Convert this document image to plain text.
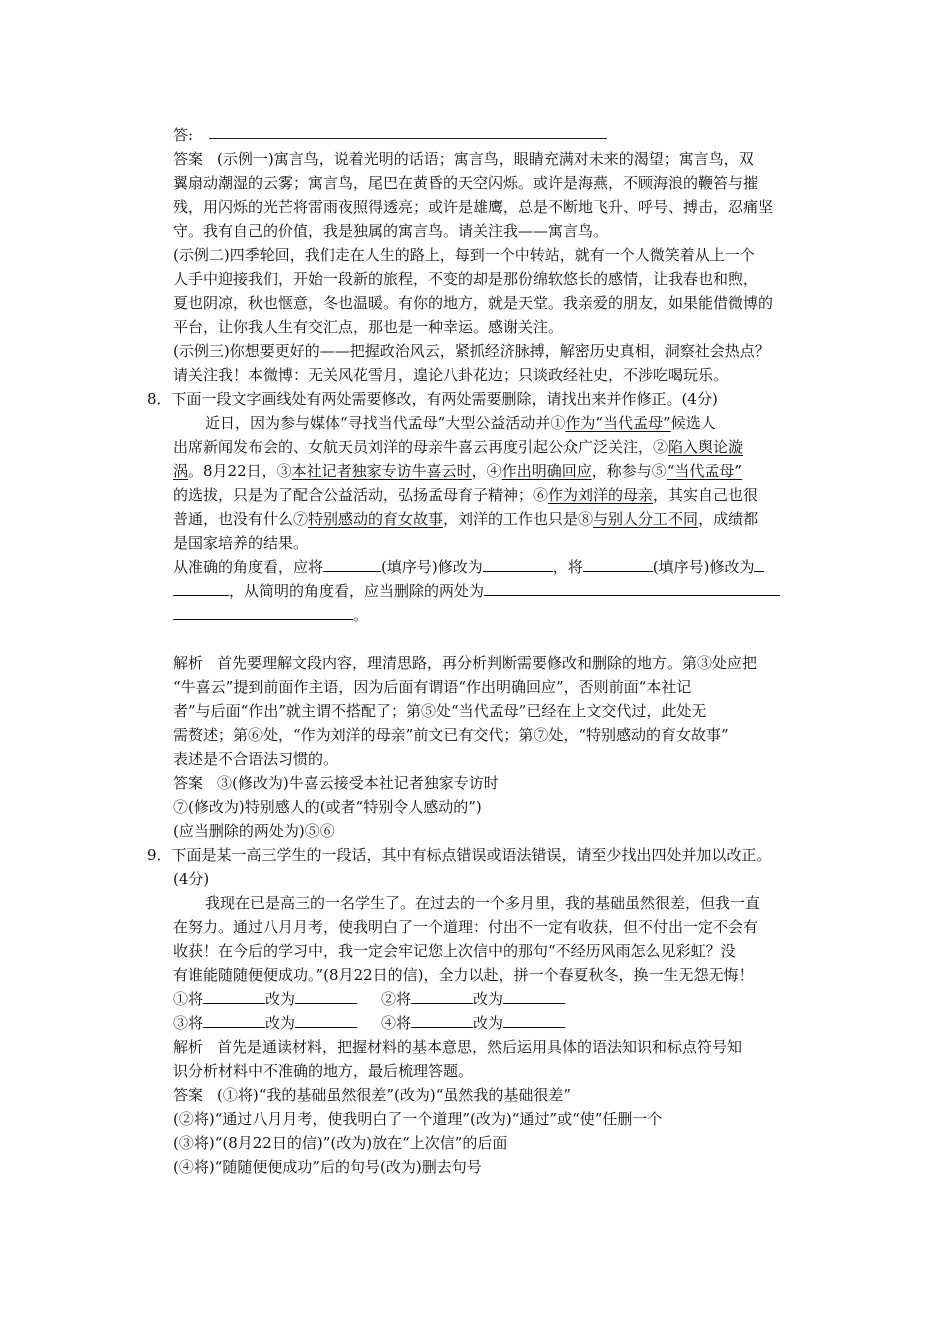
答:
答案 (示例一)寓言鸟，说着光明的话语；寓言鸟，眼睛充满对未来的渴望；寓言鸟，双
翼扇动潮湿的云雾；寓言鸟，尾巴在黄昏的天空闪烁。或许是海燕，不顾海浪的鞭笞与摧
残，用闪烁的光芒将雷雨夜照得透亮；或许是雄鹰，总是不断地飞升、呼号、搏击，忍痛坚
守。我有自己的价值，我是独属的寓言鸟。请关注我——寓言鸟。
(示例二)四季轮回，我们走在人生的路上，每到一个中转站，就有一个人微笑着从上一个
人手中迎接我们，开始一段新的旅程，不变的却是那份绵软悠长的感情，让我春也和煦，
夏也阴凉，秋也惬意，冬也温暖。有你的地方，就是天堂。我亲爱的朋友，如果能借微博的
平台，让你我人生有交汇点，那也是一种幸运。感谢关注。
(示例三)你想要更好的——把握政治风云，紧抓经济脉搏，解密历史真相，洞察社会热点？
请关注我！本微博：无关风花雪月，遑论八卦花边；只谈政经社史，不涉吃喝玩乐。
8．下面一段文字画线处有两处需要修改，有两处需要删除，请找出来并作修正。(4分)
近日，因为参与媒体“寻找当代孟母”大型公益活动并①作为“当代孟母”候选人
出席新闻发布会的、女航天员刘洋的母亲牛喜云再度引起公众广泛关注，②陷入舆论漩
涡。8月22日，③本社记者独家专访牛喜云时，④作出明确回应，称参与⑤“当代孟母”
的选拔，只是为了配合公益活动，弘扬孟母育子精神；⑥作为刘洋的母亲，其实自己也很
普通，也没有什么⑦特别感动的育女故事，刘洋的工作也只是⑧与别人分工不同，成绩都
是国家培养的结果。
从准确的角度看，应将	(填序号)修改为	，将	(填序号)修改为
，从简明的角度看，应当删除的两处为
。
解析 首先要理解文段内容，理清思路，再分析判断需要修改和删除的地方。第③处应把
“牛喜云”提到前面作主语，因为后面有谓语“作出明确回应”，否则前面“本社记
者”与后面“作出”就主谓不搭配了；第⑤处“当代孟母”已经在上文交代过，此处无
需赘述；第⑥处，“作为刘洋的母亲”前文已有交代；第⑦处，“特别感动的育女故事”
表述是不合语法习惯的。
答案 ③(修改为)牛喜云接受本社记者独家专访时
⑦(修改为)特别感人的(或者“特别令人感动的”)
(应当删除的两处为)⑤⑥
9．下面是某一高三学生的一段话，其中有标点错误或语法错误，请至少找出四处并加以改正。
(4分)
我现在已是高三的一名学生了。在过去的一个多月里，我的基础虽然很差，但我一直
在努力。通过八月月考，使我明白了一个道理：付出不一定有收获，但不付出一定不会有
收获！在今后的学习中，我一定会牢记您上次信中的那句“不经历风雨怎么见彩虹？没
有谁能随随便便成功。”(8月22日的信)，全力以赴，拼一个春夏秋冬，换一生无怨无悔！
①将	改为	②将	改为
③将	改为	④将	改为
解析 首先是通读材料，把握材料的基本意思，然后运用具体的语法知识和标点符号知
识分析材料中不准确的地方，最后梳理答题。
答案 (①将)“我的基础虽然很差”(改为)“虽然我的基础很差”
(②将)“通过八月月考，使我明白了一个道理”(改为)“通过”或“使”任删一个
(③将)“(8月22日的信)”(改为)放在“上次信”的后面
(④将)“随随便便成功”后的句号(改为)删去句号
